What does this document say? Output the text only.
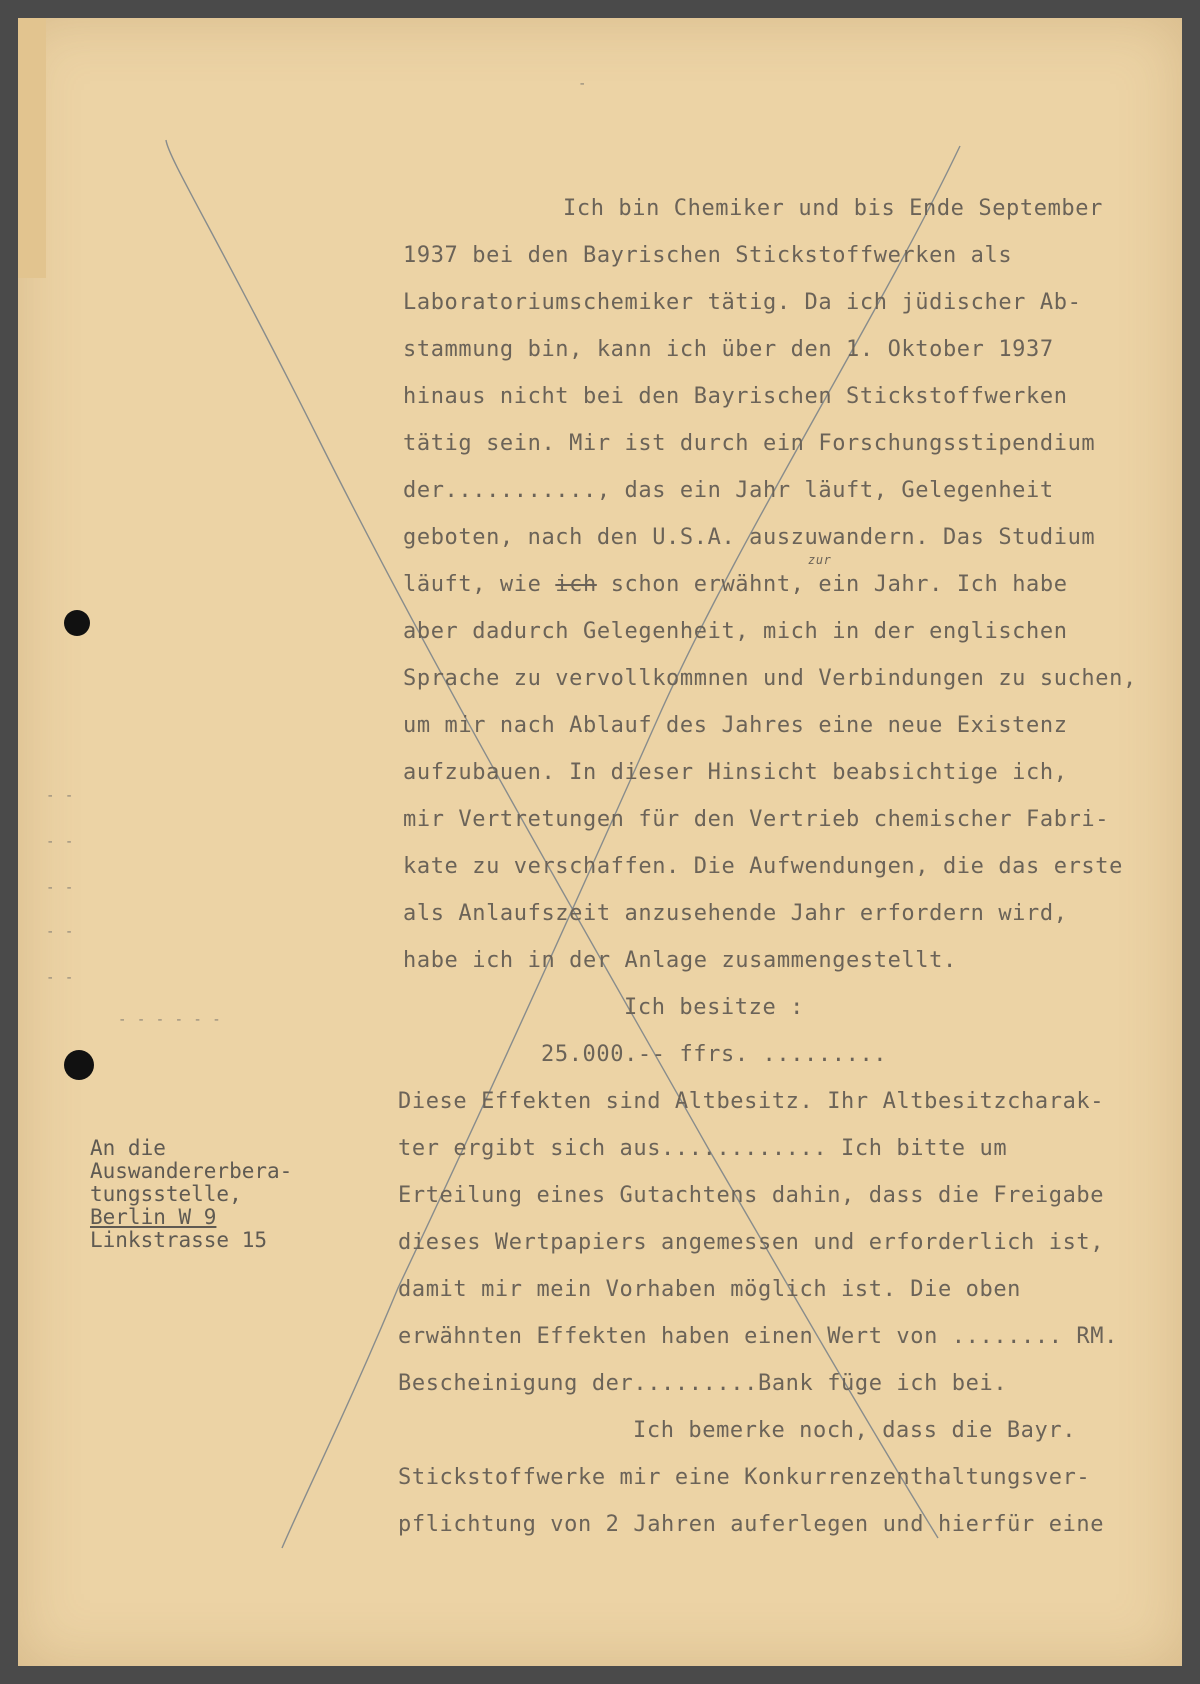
-
- -
- -
- -
- -
- -
- - - - - -
Ich bin Chemiker und bis Ende September
1937 bei den Bayrischen Stickstoffwerken als
Laboratoriumschemiker tätig. Da ich jüdischer Ab-
stammung bin, kann ich über den 1. Oktober 1937
hinaus nicht bei den Bayrischen Stickstoffwerken
tätig sein. Mir ist durch ein Forschungsstipendium
der..........., das ein Jahr läuft, Gelegenheit
geboten, nach den U.S.A. auszuwandern. Das Studium
läuft, wie ich schon erwähnt, ein Jahr. Ich habe
zur
aber dadurch Gelegenheit, mich in der englischen
Sprache zu vervollkommnen und Verbindungen zu suchen,
um mir nach Ablauf des Jahres eine neue Existenz
aufzubauen. In dieser Hinsicht beabsichtige ich,
mir Vertretungen für den Vertrieb chemischer Fabri-
kate zu verschaffen. Die Aufwendungen, die das erste
als Anlaufszeit anzusehende Jahr erfordern wird,
habe ich in der Anlage zusammengestellt.
Ich besitze :
25.000.-- ffrs. .........
Diese Effekten sind Altbesitz. Ihr Altbesitzcharak-
ter ergibt sich aus............ Ich bitte um
Erteilung eines Gutachtens dahin, dass die Freigabe
dieses Wertpapiers angemessen und erforderlich ist,
damit mir mein Vorhaben möglich ist. Die oben
erwähnten Effekten haben einen Wert von ........ RM.
Bescheinigung der.........Bank füge ich bei.
Ich bemerke noch, dass die Bayr.
Stickstoffwerke mir eine Konkurrenzenthaltungsver-
pflichtung von 2 Jahren auferlegen und hierfür eine
An die
Auswandererbera-
tungsstelle,
Berlin W 9
Linkstrasse 15
